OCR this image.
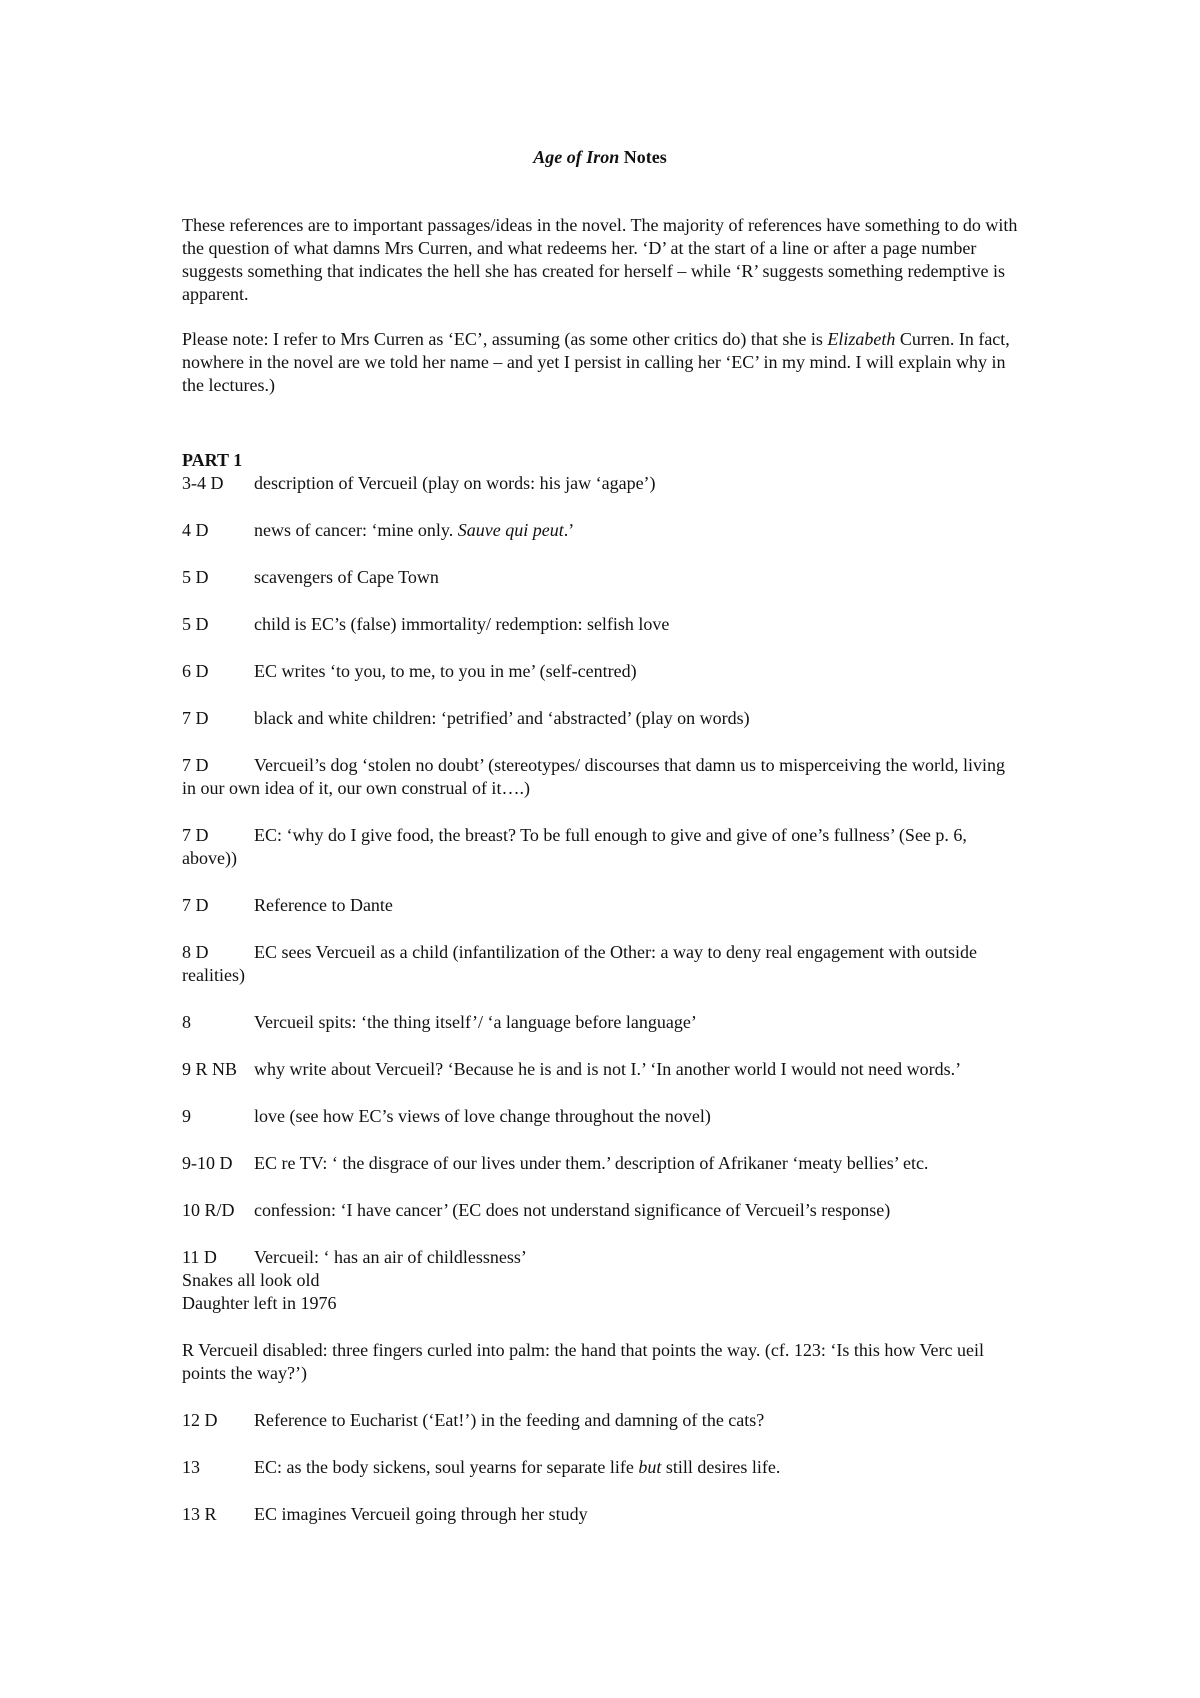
Age of Iron Notes

These references are to important passages/ideas in the novel. The majority of references have something to do with the question of what damns Mrs Curren, and what redeems her. ‘D’ at the start of a line or after a page number suggests something that indicates the hell she has created for herself – while ‘R’ suggests something redemptive is apparent.

Please note: I refer to Mrs Curren as ‘EC’, assuming (as some other critics do) that she is Elizabeth Curren. In fact, nowhere in the novel are we told her name – and yet I persist in calling her ‘EC’ in my mind. I will explain why in the lectures.)

PART 1

3-4 D description of Vercueil (play on words: his jaw ‘agape’)

4 D	news of cancer: ‘mine only. Sauve qui peut.’

5 D	scavengers of Cape Town

5 D	child is EC’s (false) immortality/ redemption: selfish love

6 D	EC writes ‘to you, to me, to you in me’ (self-centred)

7 D	black and white children: ‘petrified’ and ‘abstracted’ (play on words)

7 D	Vercueil’s dog ‘stolen no doubt’ (stereotypes/ discourses that damn us to misperceiving the world, living in our own idea of it, our own construal of it….)

7 D	EC: ‘why do I give food, the breast? To be full enough to give and give of one’s fullness’ (See p. 6, above))

7 D	Reference to Dante

8 D	EC sees Vercueil as a child (infantilization of the Other: a way to deny real engagement with outside realities)

8	Vercueil spits: ‘the thing itself’/ ‘a language before language’

9 R NB why write about Vercueil? ‘Because he is and is not I.’ ‘In another world I would not need words.’

9	love (see how EC’s views of love change throughout the novel)

9-10 D EC re TV: ‘ the disgrace of our lives under them.’ description of Afrikaner ‘meaty bellies’ etc.

10 R/D confession: ‘I have cancer’ (EC does not understand significance of Vercueil’s response)

11 D Vercueil: ‘ has an air of childlessness’
Snakes all look old
Daughter left in 1976

R Vercueil disabled: three fingers curled into palm: the hand that points the way. (cf. 123: ‘Is this how Verc ueil points the way?’)

12 D Reference to Eucharist (‘Eat!’) in the feeding and damning of the cats?

13	EC: as the body sickens, soul yearns for separate life but still desires life.

13 R EC imagines Vercueil going through her study
